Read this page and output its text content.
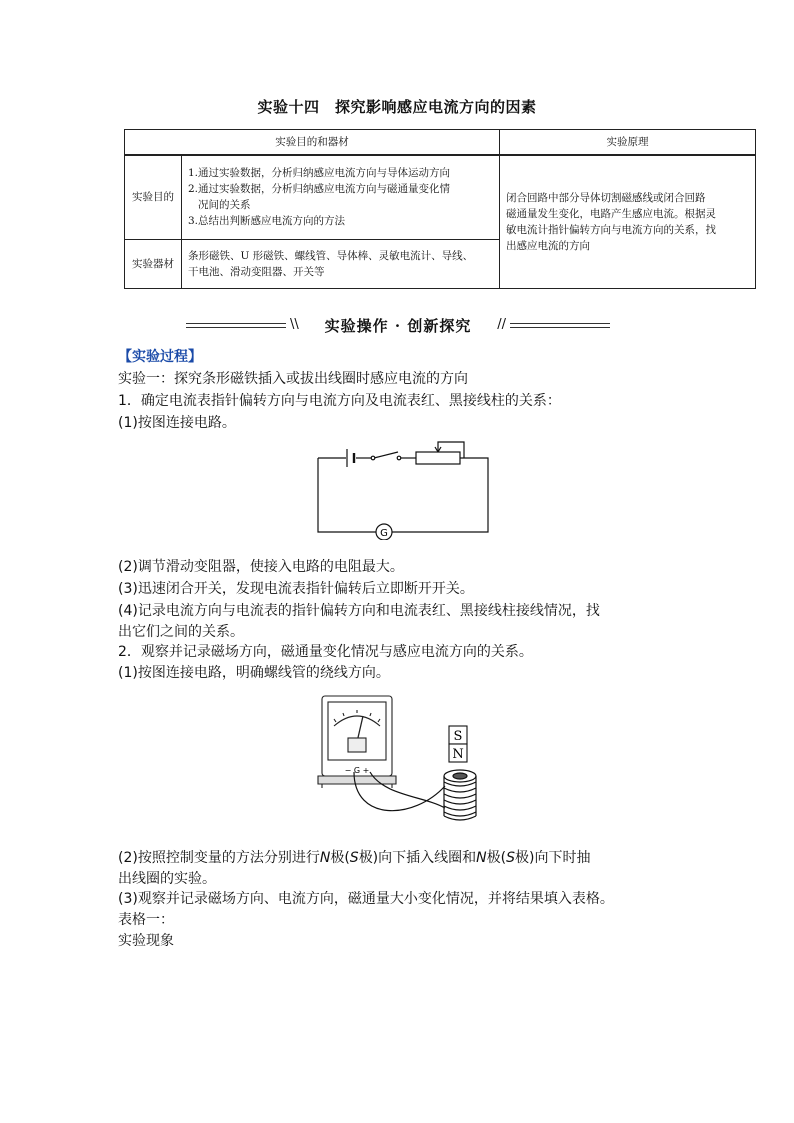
实验十四　探究影响感应电流方向的因素
实验目的和器材		实验原理
实验目的	1.通过实验数据，分析归纳感应电流方向与导体运动方向
2.通过实验数据，分析归纳感应电流方向与磁通量变化情
况间的关系
3.总结出判断感应电流方向的方法	闭合回路中部分导体切割磁感线或闭合回路
磁通量发生变化，电路产生感应电流。根据灵
敏电流计指针偏转方向与电流方向的关系，找
出感应电流的方向

实验器材	条形磁铁、U 形磁铁、螺线管、导体棒、灵敏电流计、导线、
干电池、滑动变阻器、开关等	
\\	实验操作 · 创新探究	//
【实验过程】
实验一：探究条形磁铁插入或拔出线圈时感应电流的方向
1．确定电流表指针偏转方向与电流方向及电流表红、黑接线柱的关系：
(1)按图连接电路。
G
(2)调节滑动变阻器，使接入电路的电阻最大。
(3)迅速闭合开关，发现电流表指针偏转后立即断开开关。
(4)记录电流方向与电流表的指针偏转方向和电流表红、黑接线柱接线情况，找
出它们之间的关系。
2．观察并记录磁场方向，磁通量变化情况与感应电流方向的关系。
(1)按图连接电路，明确螺线管的绕线方向。
− G +
S
N
(2)按照控制变量的方法分别进行N极(S极)向下插入线圈和N极(S极)向下时抽
出线圈的实验。
(3)观察并记录磁场方向、电流方向，磁通量大小变化情况，并将结果填入表格。
表格一：
实验现象
